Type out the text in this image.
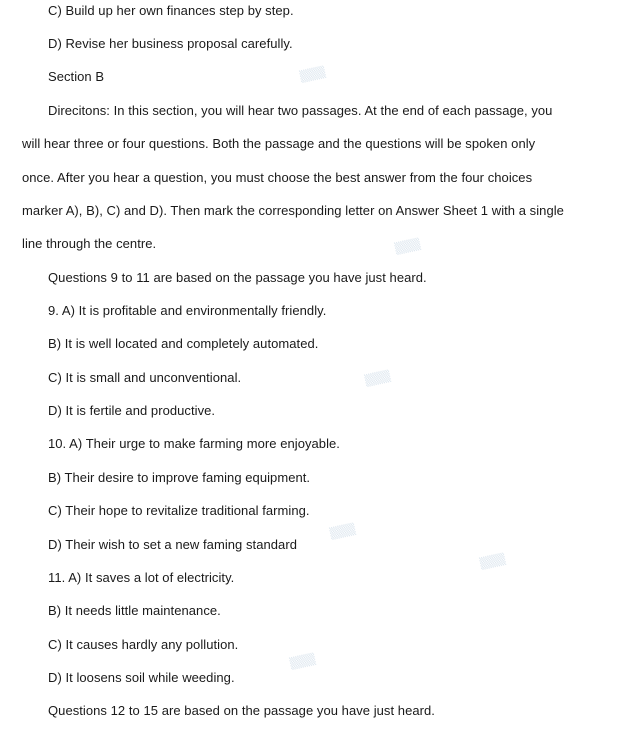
▒▒▒
▒▒▒
▒▒▒
▒▒▒
▒▒▒
▒▒▒
C) Build up her own finances step by step.
D) Revise her business proposal carefully.
Section B
Direcitons: In this section, you will hear two passages. At the end of each passage, you
will hear three or four questions. Both the passage and the questions will be spoken only
once. After you hear a question, you must choose the best answer from the four choices
marker A), B), C) and D). Then mark the corresponding letter on Answer Sheet 1 with a single
line through the centre.
Questions 9 to 11 are based on the passage you have just heard.
9. A) It is profitable and environmentally friendly.
B) It is well located and completely automated.
C) It is small and unconventional.
D) It is fertile and productive.
10. A) Their urge to make farming more enjoyable.
B) Their desire to improve faming equipment.
C) Their hope to revitalize traditional farming.
D) Their wish to set a new faming standard
11. A) It saves a lot of electricity.
B) It needs little maintenance.
C) It causes hardly any pollution.
D) It loosens soil while weeding.
Questions 12 to 15 are based on the passage you have just heard.
